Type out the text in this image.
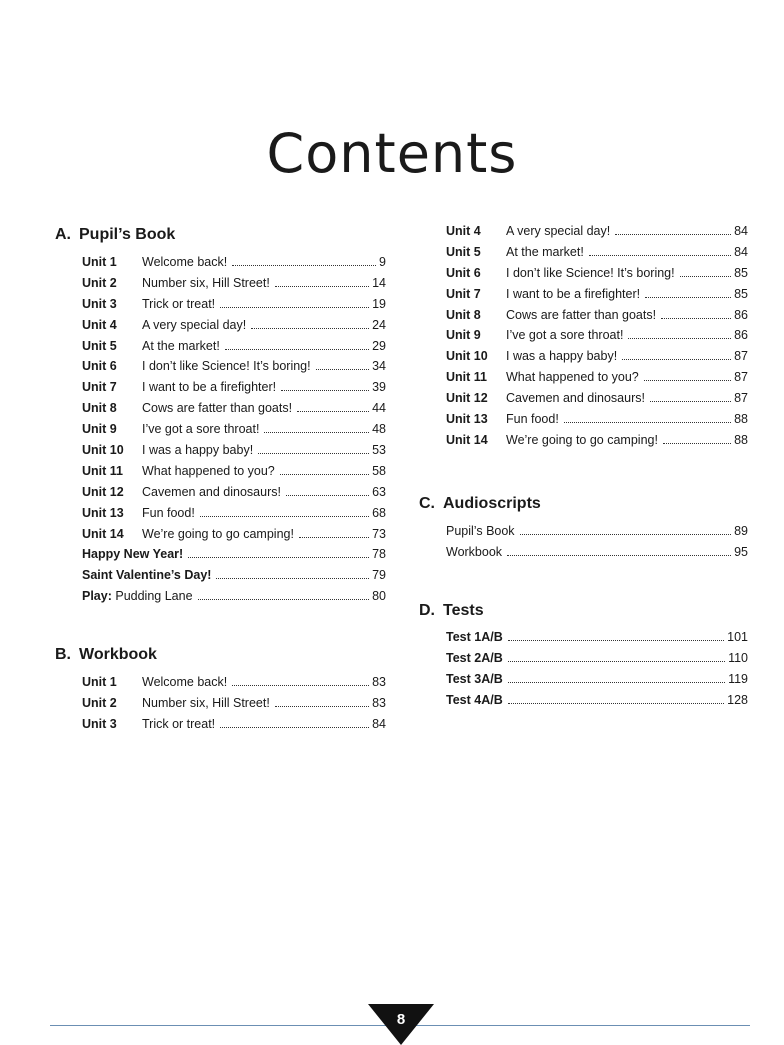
Contents
A. Pupil’s Book
Unit 1	Welcome back!	9
Unit 2	Number six, Hill Street!	14
Unit 3	Trick or treat!	19
Unit 4	A very special day!	24
Unit 5	At the market!	29
Unit 6	I don’t like Science! It’s boring!	34
Unit 7	I want to be a firefighter!	39
Unit 8	Cows are fatter than goats!	44
Unit 9	I’ve got a sore throat!	48
Unit 10	I was a happy baby!	53
Unit 11	What happened to you?	58
Unit 12	Cavemen and dinosaurs!	63
Unit 13	Fun food!	68
Unit 14	We’re going to go camping!	73
Happy New Year!	78
Saint Valentine’s Day!	79
Play: Pudding Lane	80
B. Workbook
Unit 1	Welcome back!	83
Unit 2	Number six, Hill Street!	83
Unit 3	Trick or treat!	84
Unit 4	A very special day!	84
Unit 5	At the market!	84
Unit 6	I don’t like Science! It’s boring!	85
Unit 7	I want to be a firefighter!	85
Unit 8	Cows are fatter than goats!	86
Unit 9	I’ve got a sore throat!	86
Unit 10	I was a happy baby!	87
Unit 11	What happened to you?	87
Unit 12	Cavemen and dinosaurs!	87
Unit 13	Fun food!	88
Unit 14	We’re going to go camping!	88
C. Audioscripts
Pupil’s Book	89
Workbook	95
D. Tests
Test 1A/B	101
Test 2A/B	110
Test 3A/B	119
Test 4A/B	128
8
